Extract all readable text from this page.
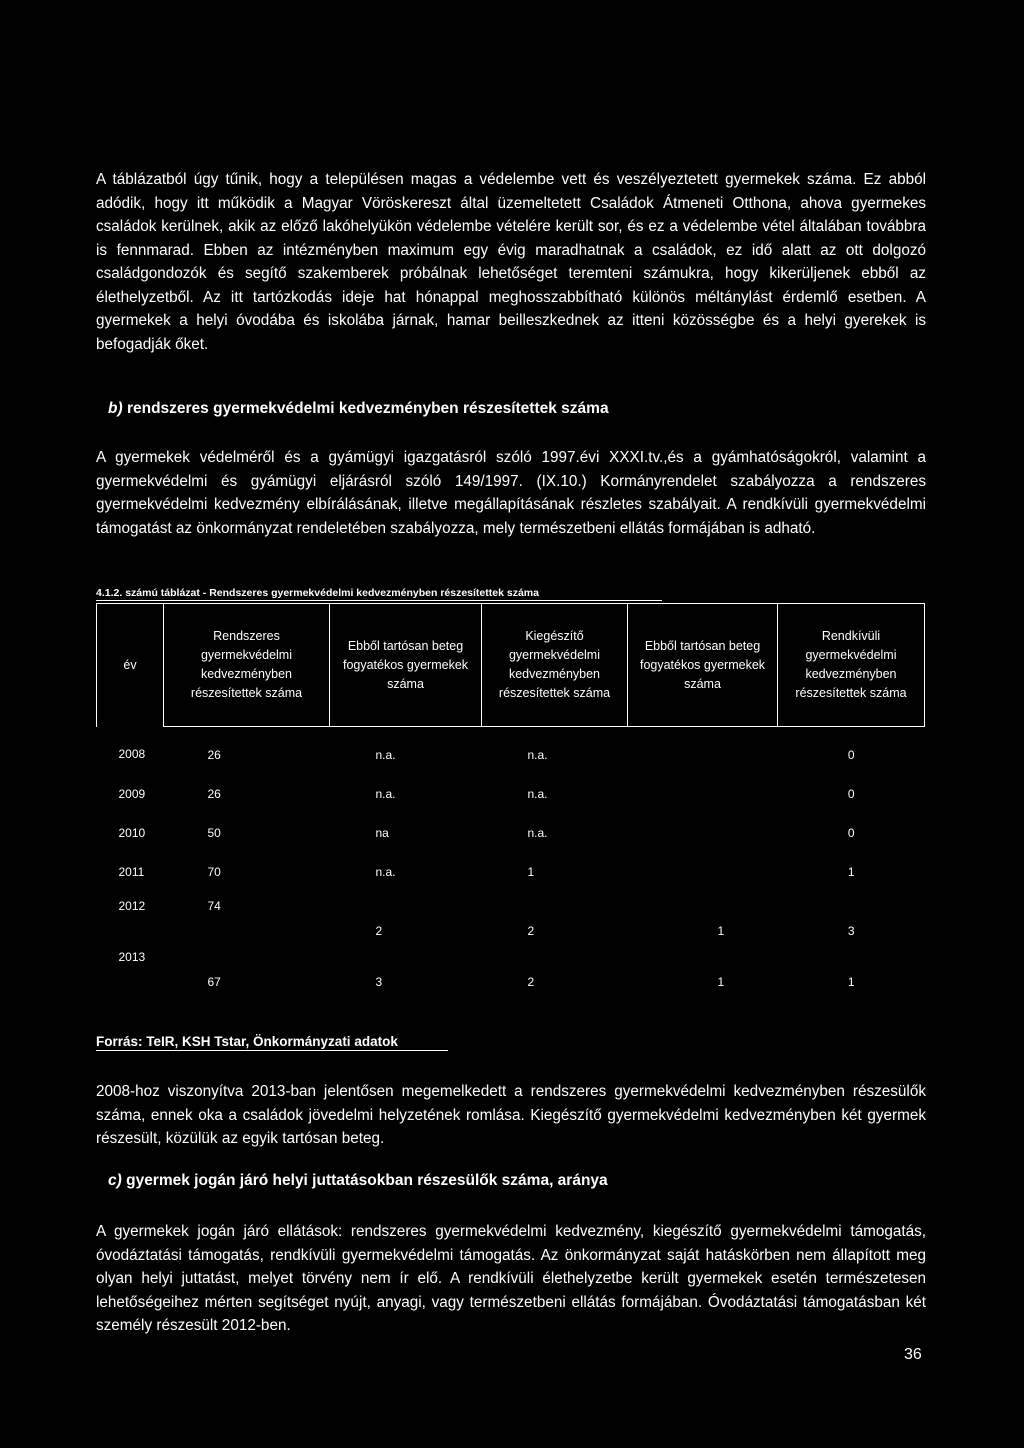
A táblázatból úgy tűnik, hogy a településen magas a védelembe vett és veszélyeztetett gyermekek száma. Ez abból adódik, hogy itt működik a Magyar Vöröskereszt által üzemeltetett Családok Átmeneti Otthona, ahova gyermekes családok kerülnek, akik az előző lakóhelyükön védelembe vételére került sor, és ez a védelembe vétel általában továbbra is fennmarad. Ebben az intézményben maximum egy évig maradhatnak a családok, ez idő alatt az ott dolgozó családgondozók és segítő szakemberek próbálnak lehetőséget teremteni számukra, hogy kikerüljenek ebből az élethelyzetből. Az itt tartózkodás ideje hat hónappal meghosszabbítható különös méltánylást érdemlő esetben. A gyermekek a helyi óvodába és iskolába járnak, hamar beilleszkednek az itteni közösségbe és a helyi gyerekek is befogadják őket.

b) rendszeres gyermekvédelmi kedvezményben részesítettek száma

A gyermekek védelméről és a gyámügyi igazgatásról szóló 1997.évi XXXI.tv.,és a gyámhatóságokról, valamint a gyermekvédelmi és gyámügyi eljárásról szóló 149/1997. (IX.10.) Kormányrendelet szabályozza a rendszeres gyermekvédelmi kedvezmény elbírálásának, illetve megállapításának részletes szabályait. A rendkívüli gyermekvédelmi támogatást az önkormányzat rendeletében szabályozza, mely természetbeni ellátás formájában is adható.

4.1.2. számú táblázat - Rendszeres gyermekvédelmi kedvezményben részesítettek száma
év	Rendszeres gyermekvédelmi kedvezményben részesítettek száma	Ebből tartósan beteg fogyatékos gyermekek száma	Kiegészítő gyermekvédelmi kedvezményben részesítettek száma	Ebből tartósan beteg fogyatékos gyermekek száma	Rendkívüli gyermekvédelmi kedvezményben részesítettek száma
2008	26	n.a.	n.a.		0
2009	26	n.a.	n.a.		0
2010	50	na	n.a.		0
2011	70	n.a.	1		1
2012	74	2	2	1	3
2013	67	3	2	1	1
Forrás: TeIR, KSH Tstar, Önkormányzati adatok

2008-hoz viszonyítva 2013-ban jelentősen megemelkedett a rendszeres gyermekvédelmi kedvezményben részesülők száma, ennek oka a családok jövedelmi helyzetének romlása. Kiegészítő gyermekvédelmi kedvezményben két gyermek részesült, közülük az egyik tartósan beteg.

c) gyermek jogán járó helyi juttatásokban részesülők száma, aránya

A gyermekek jogán járó ellátások: rendszeres gyermekvédelmi kedvezmény, kiegészítő gyermekvédelmi támogatás, óvodáztatási támogatás, rendkívüli gyermekvédelmi támogatás. Az önkormányzat saját hatáskörben nem állapított meg olyan helyi juttatást, melyet törvény nem ír elő. A rendkívüli élethelyzetbe került gyermekek esetén természetesen lehetőségeihez mérten segítséget nyújt, anyagi, vagy természetbeni ellátás formájában. Óvodáztatási támogatásban két személy részesült 2012-ben.

36
